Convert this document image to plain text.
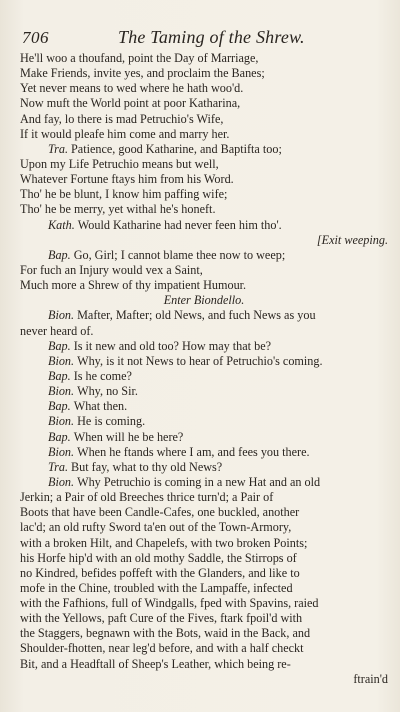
706	The Taming of the Shrew.
He'll woo a thoufand, point the Day of Marriage,
Make Friends, invite yes, and proclaim the Banes;
Yet never means to wed where he hath woo'd.
Now muft the World point at poor Katharina,
And fay, lo there is mad Petruchio's Wife,
If it would pleafe him come and marry her.
Tra. Patience, good Katharine, and Baptifta too;
Upon my Life Petruchio means but well,
Whatever Fortune ftays him from his Word.
Tho' he be blunt, I know him paffing wife;
Tho' he be merry, yet withal he's honeft.
Kath. Would Katharine had never feen him tho'.
[Exit weeping.
Bap. Go, Girl; I cannot blame thee now to weep;
For fuch an Injury would vex a Saint,
Much more a Shrew of thy impatient Humour.
Enter Biondello.
Bion. Mafter, Mafter; old News, and fuch News as you
never heard of.
Bap. Is it new and old too? How may that be?
Bion. Why, is it not News to hear of Petruchio's coming.
Bap. Is he come?
Bion. Why, no Sir.
Bap. What then.
Bion. He is coming.
Bap. When will he be here?
Bion. When he ftands where I am, and fees you there.
Tra. But fay, what to thy old News?
Bion. Why Petruchio is coming in a new Hat and an old
Jerkin; a Pair of old Breeches thrice turn'd; a Pair of
Boots that have been Candle-Cafes, one buckled, another
lac'd; an old rufty Sword ta'en out of the Town-Armory,
with a broken Hilt, and Chapelefs, with two broken Points;
his Horfe hip'd with an old mothy Saddle, the Stirrops of
no Kindred, befides poffeft with the Glanders, and like to
mofe in the Chine, troubled with the Lampaffe, infected
with the Fafhions, full of Windgalls, fped with Spavins, raied
with the Yellows, paft Cure of the Fives, ftark fpoil'd with
the Staggers, begnawn with the Bots, waid in the Back, and
Shoulder-fhotten, near leg'd before, and with a half checkt
Bit, and a Headftall of Sheep's Leather, which being re-
ftrain'd
